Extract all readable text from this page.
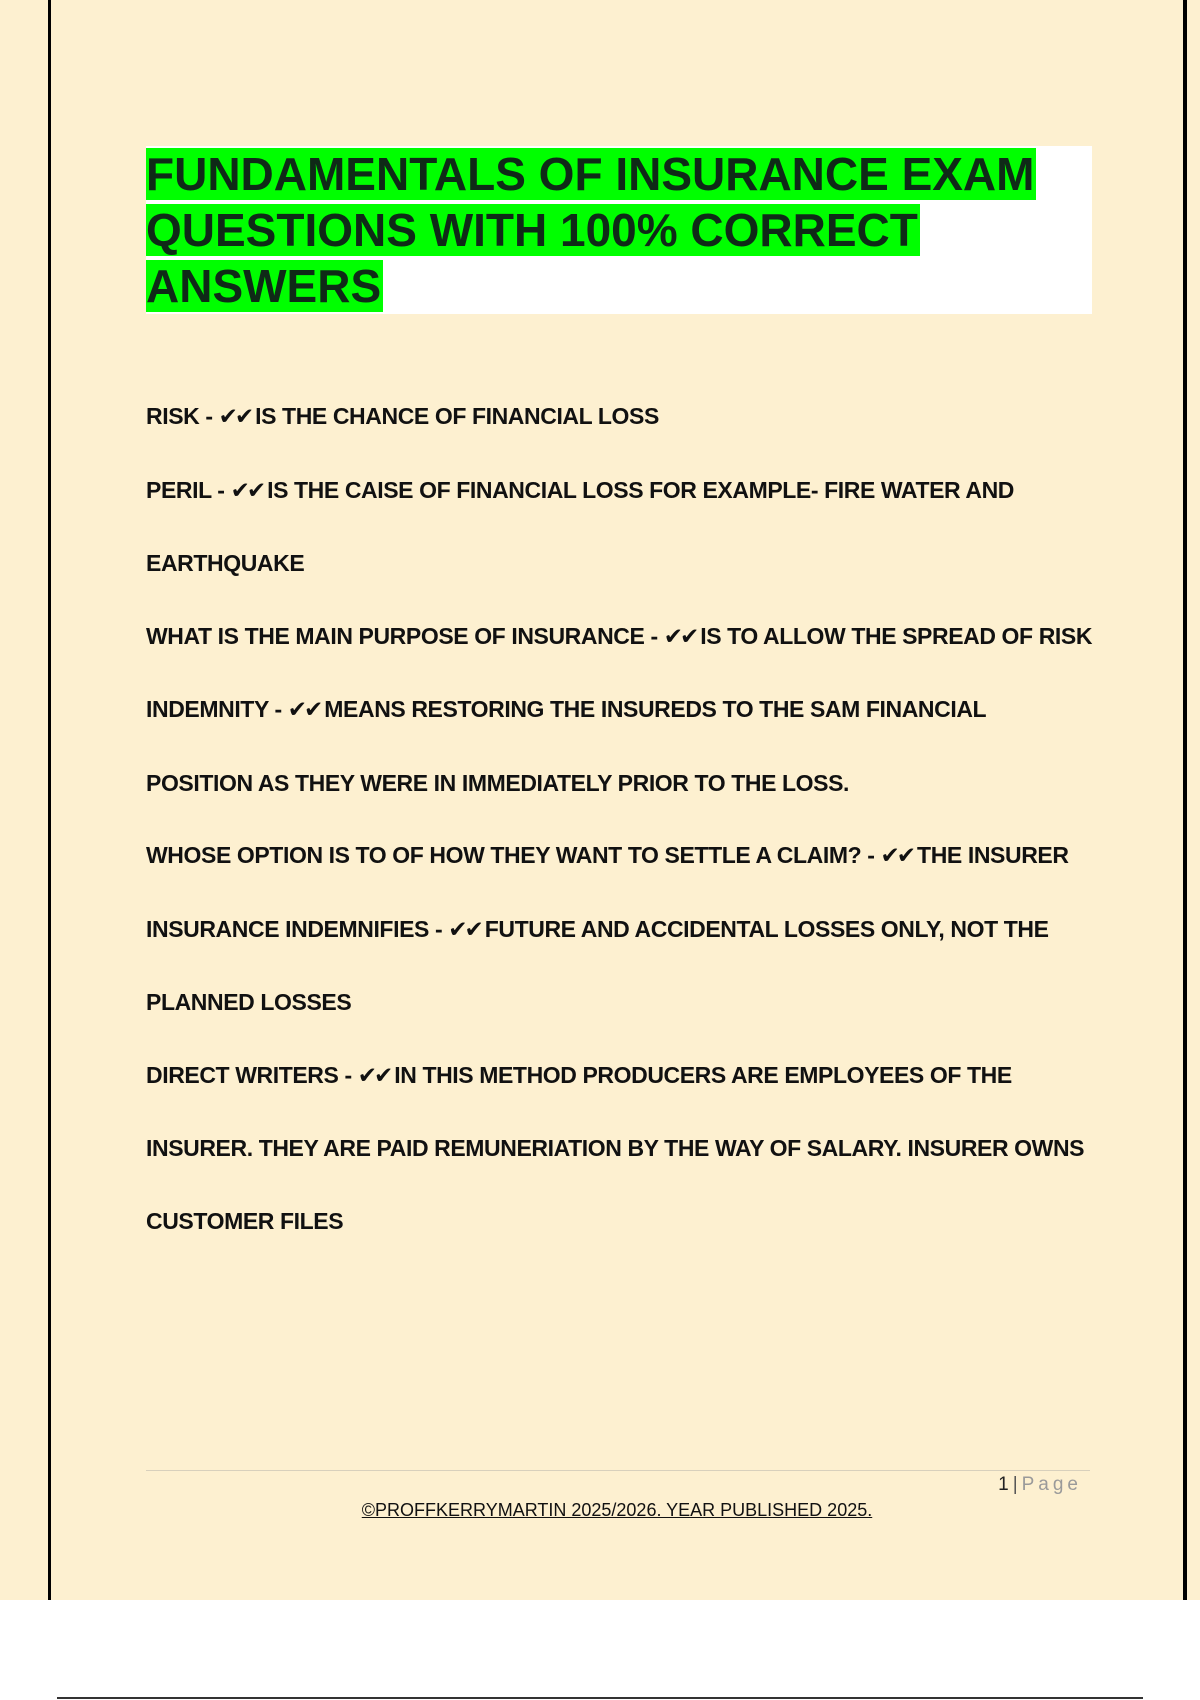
FUNDAMENTALS OF INSURANCE EXAM QUESTIONS WITH 100% CORRECT ANSWERS

RISK - ✔✔ IS THE CHANCE OF FINANCIAL LOSS

PERIL - ✔✔ IS THE CAISE OF FINANCIAL LOSS FOR EXAMPLE- FIRE WATER AND EARTHQUAKE

WHAT IS THE MAIN PURPOSE OF INSURANCE - ✔✔ IS TO ALLOW THE SPREAD OF RISK

INDEMNITY - ✔✔ MEANS RESTORING THE INSUREDS TO THE SAM FINANCIAL POSITION AS THEY WERE IN IMMEDIATELY PRIOR TO THE LOSS.

WHOSE OPTION IS TO OF HOW THEY WANT TO SETTLE A CLAIM? - ✔✔ THE INSURER

INSURANCE INDEMNIFIES - ✔✔ FUTURE AND ACCIDENTAL LOSSES ONLY, NOT THE PLANNED LOSSES

DIRECT WRITERS - ✔✔ IN THIS METHOD PRODUCERS ARE EMPLOYEES OF THE INSURER. THEY ARE PAID REMUNERIATION BY THE WAY OF SALARY. INSURER OWNS CUSTOMER FILES

1 | Page
©PROFFKERRYMARTIN 2025/2026. YEAR PUBLISHED 2025.
